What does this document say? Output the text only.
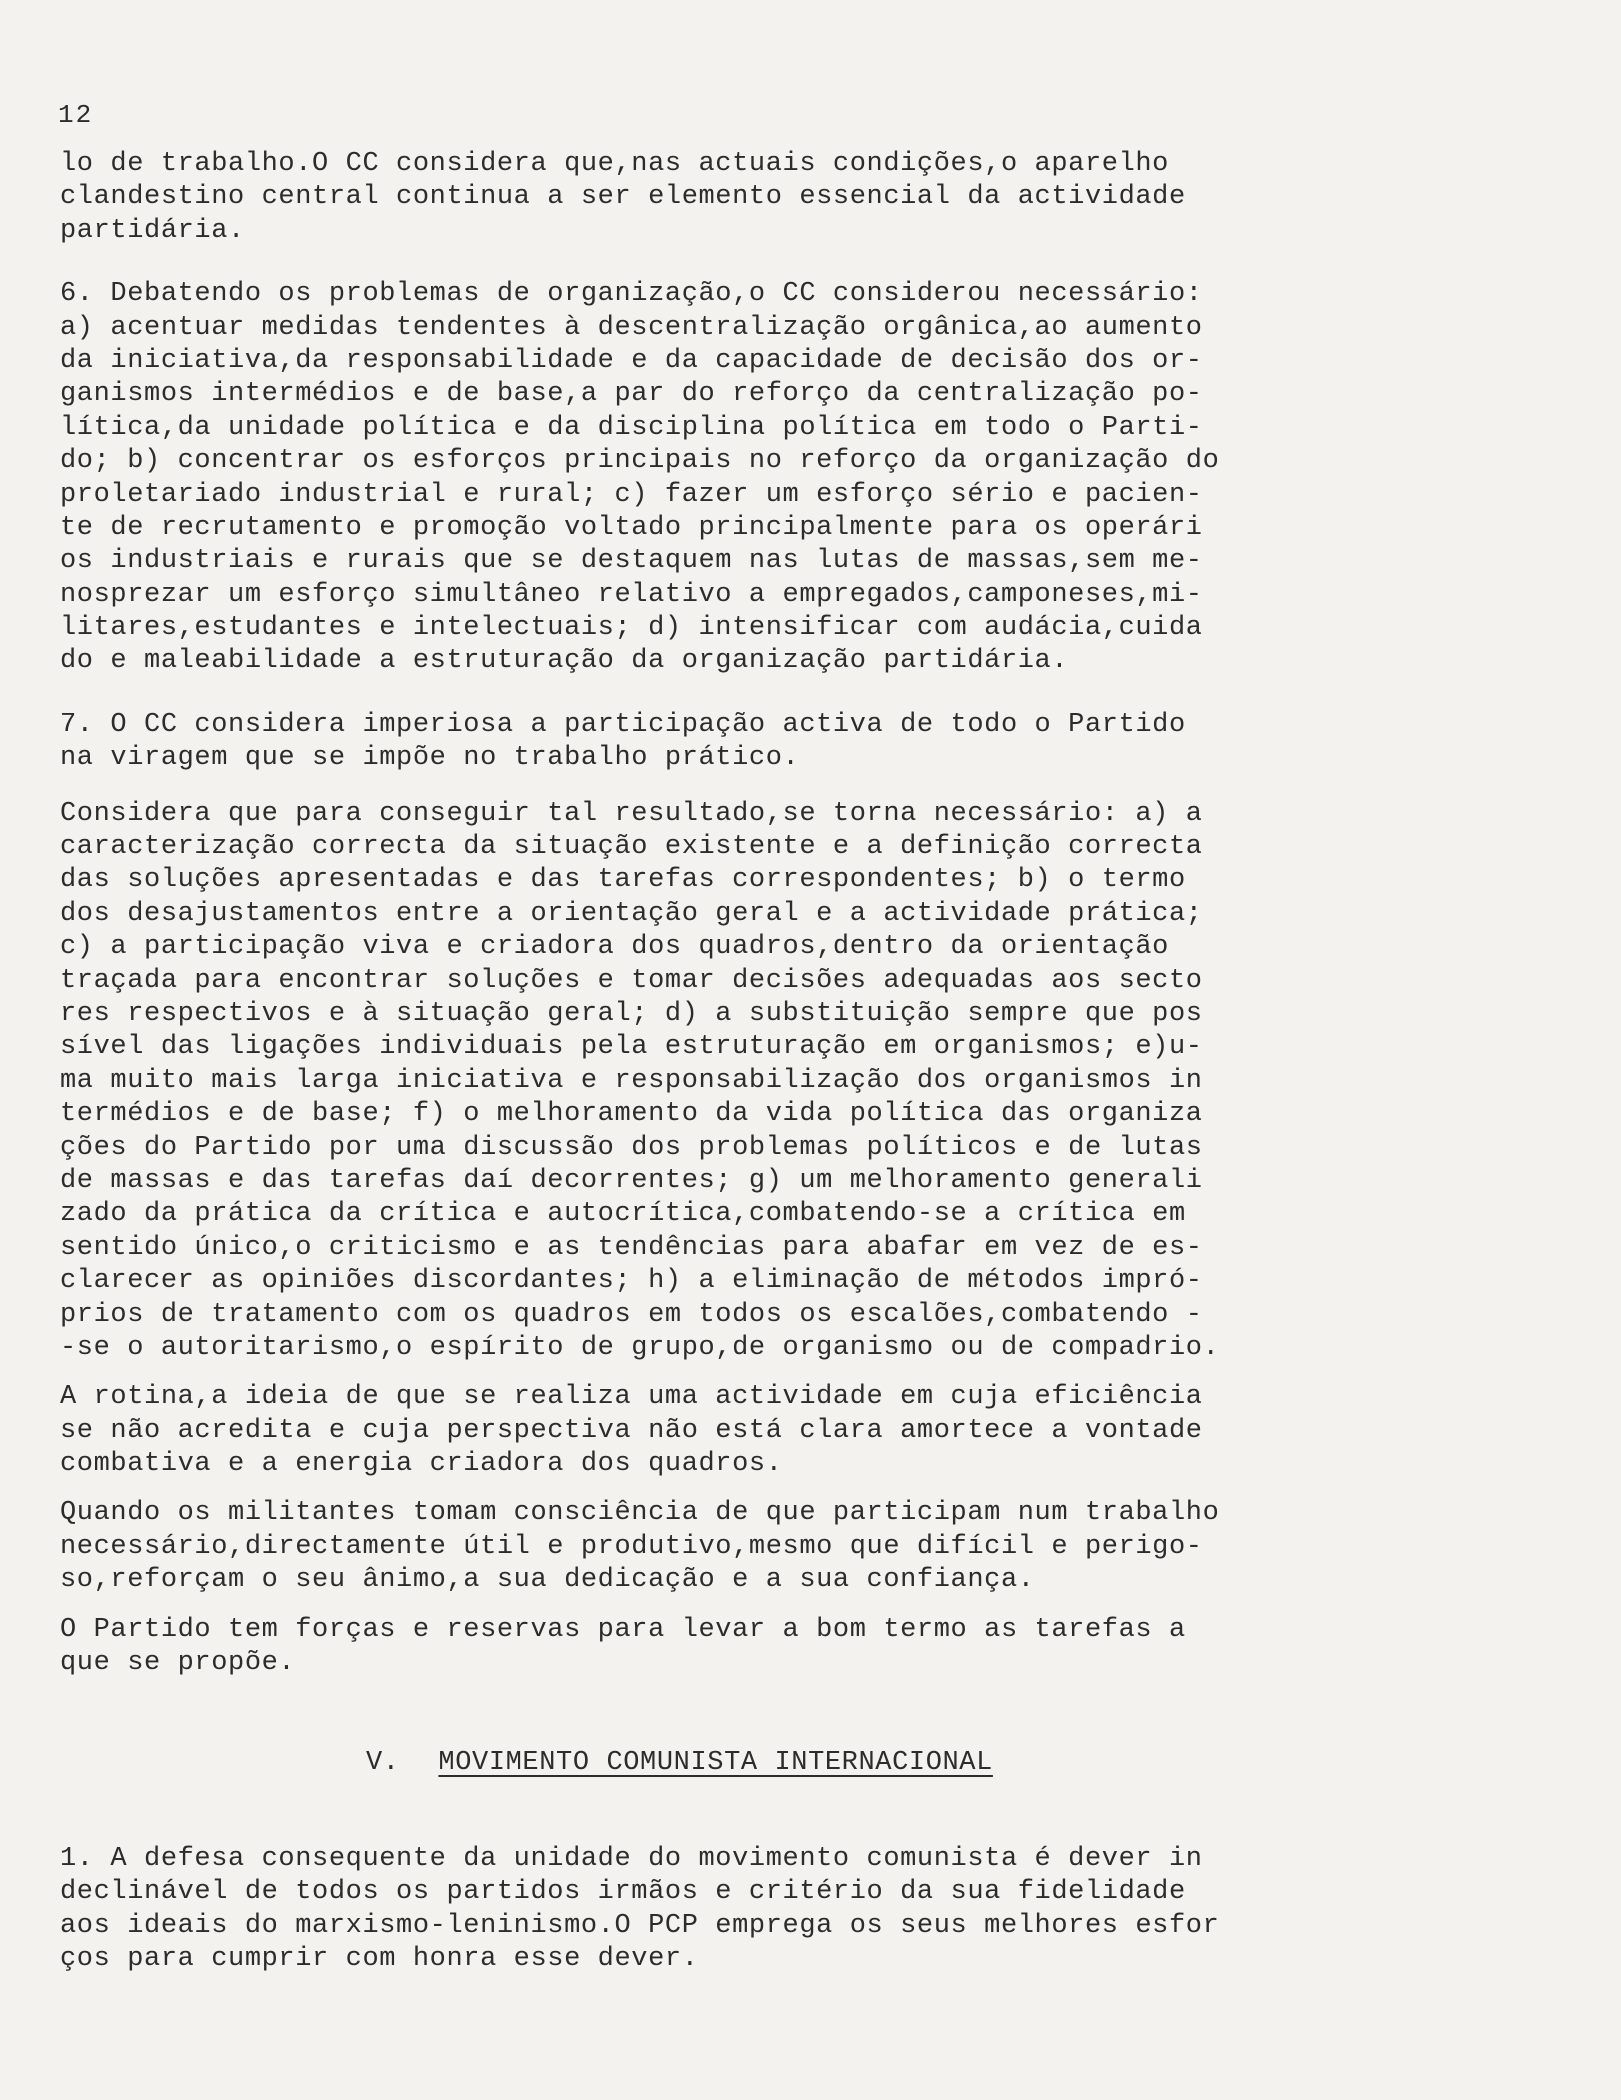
12
lo de trabalho.O CC considera que,nas actuais condições,o aparelho
clandestino central continua a ser elemento essencial da actividade
partidária.
6. Debatendo os problemas de organização,o CC considerou necessário:
a) acentuar medidas tendentes à descentralização orgânica,ao aumento
da iniciativa,da responsabilidade e da capacidade de decisão dos or-
ganismos intermédios e de base,a par do reforço da centralização po-
lítica,da unidade política e da disciplina política em todo o Parti-
do; b) concentrar os esforços principais no reforço da organização do
proletariado industrial e rural; c) fazer um esforço sério e pacien-
te de recrutamento e promoção voltado principalmente para os operári
os industriais e rurais que se destaquem nas lutas de massas,sem me-
nosprezar um esforço simultâneo relativo a empregados,camponeses,mi-
litares,estudantes e intelectuais; d) intensificar com audácia,cuida
do e maleabilidade a estruturação da organização partidária.
7. O CC considera imperiosa a participação activa de todo o Partido
na viragem que se impõe no trabalho prático.
Considera que para conseguir tal resultado,se torna necessário: a) a
caracterização correcta da situação existente e a definição correcta
das soluções apresentadas e das tarefas correspondentes; b) o termo
dos desajustamentos entre a orientação geral e a actividade prática;
c) a participação viva e criadora dos quadros,dentro da orientação
traçada para encontrar soluções e tomar decisões adequadas aos secto
res respectivos e à situação geral; d) a substituição sempre que pos
sível das ligações individuais pela estruturação em organismos; e)u-
ma muito mais larga iniciativa e responsabilização dos organismos in
termédios e de base; f) o melhoramento da vida política das organiza
ções do Partido por uma discussão dos problemas políticos e de lutas
de massas e das tarefas daí decorrentes; g) um melhoramento generali
zado da prática da crítica e autocrítica,combatendo-se a crítica em
sentido único,o criticismo e as tendências para abafar em vez de es-
clarecer as opiniões discordantes; h) a eliminação de métodos impró-
prios de tratamento com os quadros em todos os escalões,combatendo -
-se o autoritarismo,o espírito de grupo,de organismo ou de compadrio.
A rotina,a ideia de que se realiza uma actividade em cuja eficiência
se não acredita e cuja perspectiva não está clara amortece a vontade
combativa e a energia criadora dos quadros.
Quando os militantes tomam consciência de que participam num trabalho
necessário,directamente útil e produtivo,mesmo que difícil e perigo-
so,reforçam o seu ânimo,a sua dedicação e a sua confiança.
O Partido tem forças e reservas para levar a bom termo as tarefas a
que se propõe.
V. MOVIMENTO COMUNISTA INTERNACIONAL
1. A defesa consequente da unidade do movimento comunista é dever in
declinável de todos os partidos irmãos e critério da sua fidelidade
aos ideais do marxismo-leninismo.O PCP emprega os seus melhores esfor
ços para cumprir com honra esse dever.
